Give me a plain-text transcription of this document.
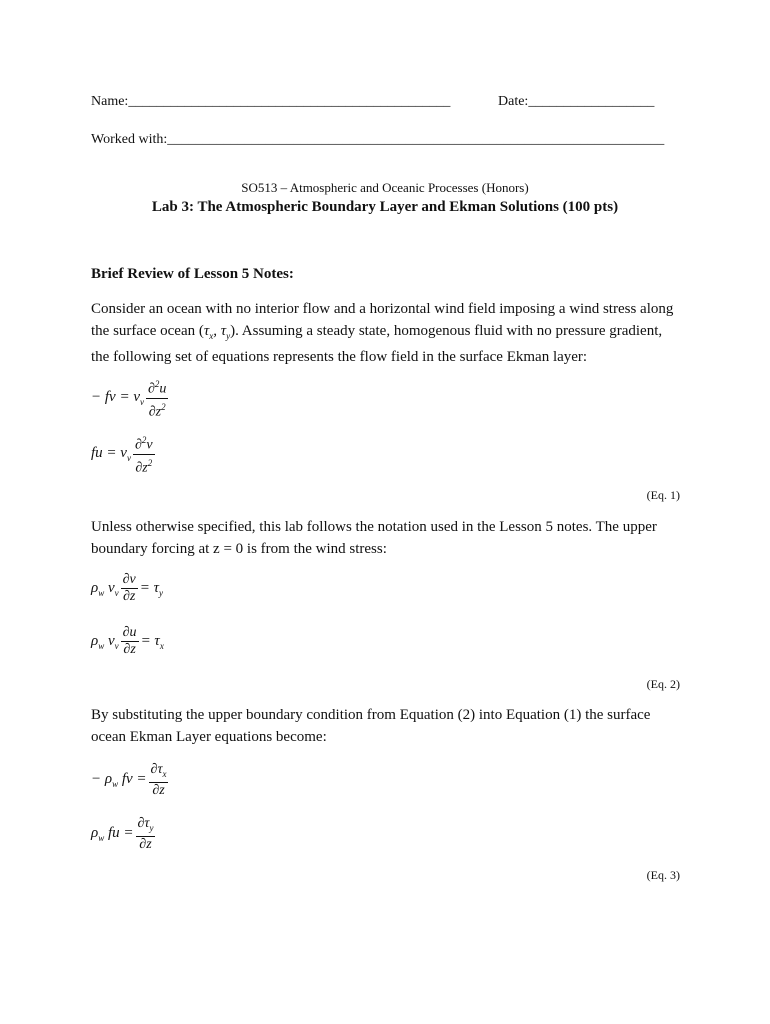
Name:______________________________________________	Date:__________________
Worked with:_______________________________________________________________________
SO513 – Atmospheric and Oceanic Processes (Honors)
Lab 3: The Atmospheric Boundary Layer and Ekman Solutions (100 pts)
Brief Review of Lesson 5 Notes:
Consider an ocean with no interior flow and a horizontal wind field imposing a wind stress along
the surface ocean ($\tau_x$, $\tau_y$). Assuming a steady state, homogenous fluid with no pressure gradient,
the following set of equations represents the flow field in the surface Ekman layer:
− fv = $\nu_v \frac{\partial^2u}{\partial z^2}$
fu = $\nu_v \frac{\partial^2v}{\partial z^2}$
(Eq. 1)
Unless otherwise specified, this lab follows the notation used in the Lesson 5 notes. The upper
boundary forcing at z = 0 is from the wind stress:
$\rho_w$ $\nu_v \frac{\partial v}{\partial z} = \tau_y$
$\rho_w$ $\nu_v \frac{\partial u}{\partial z} = \tau_x$
(Eq. 2)
By substituting the upper boundary condition from Equation (2) into Equation (1) the surface
ocean Ekman Layer equations become:
− $\rho_w$ fv = $\frac{\partial\tau_x}{\partial z}$
$\rho_w$ fu = $\frac{\partial\tau_y}{\partial z}$
(Eq. 3)
